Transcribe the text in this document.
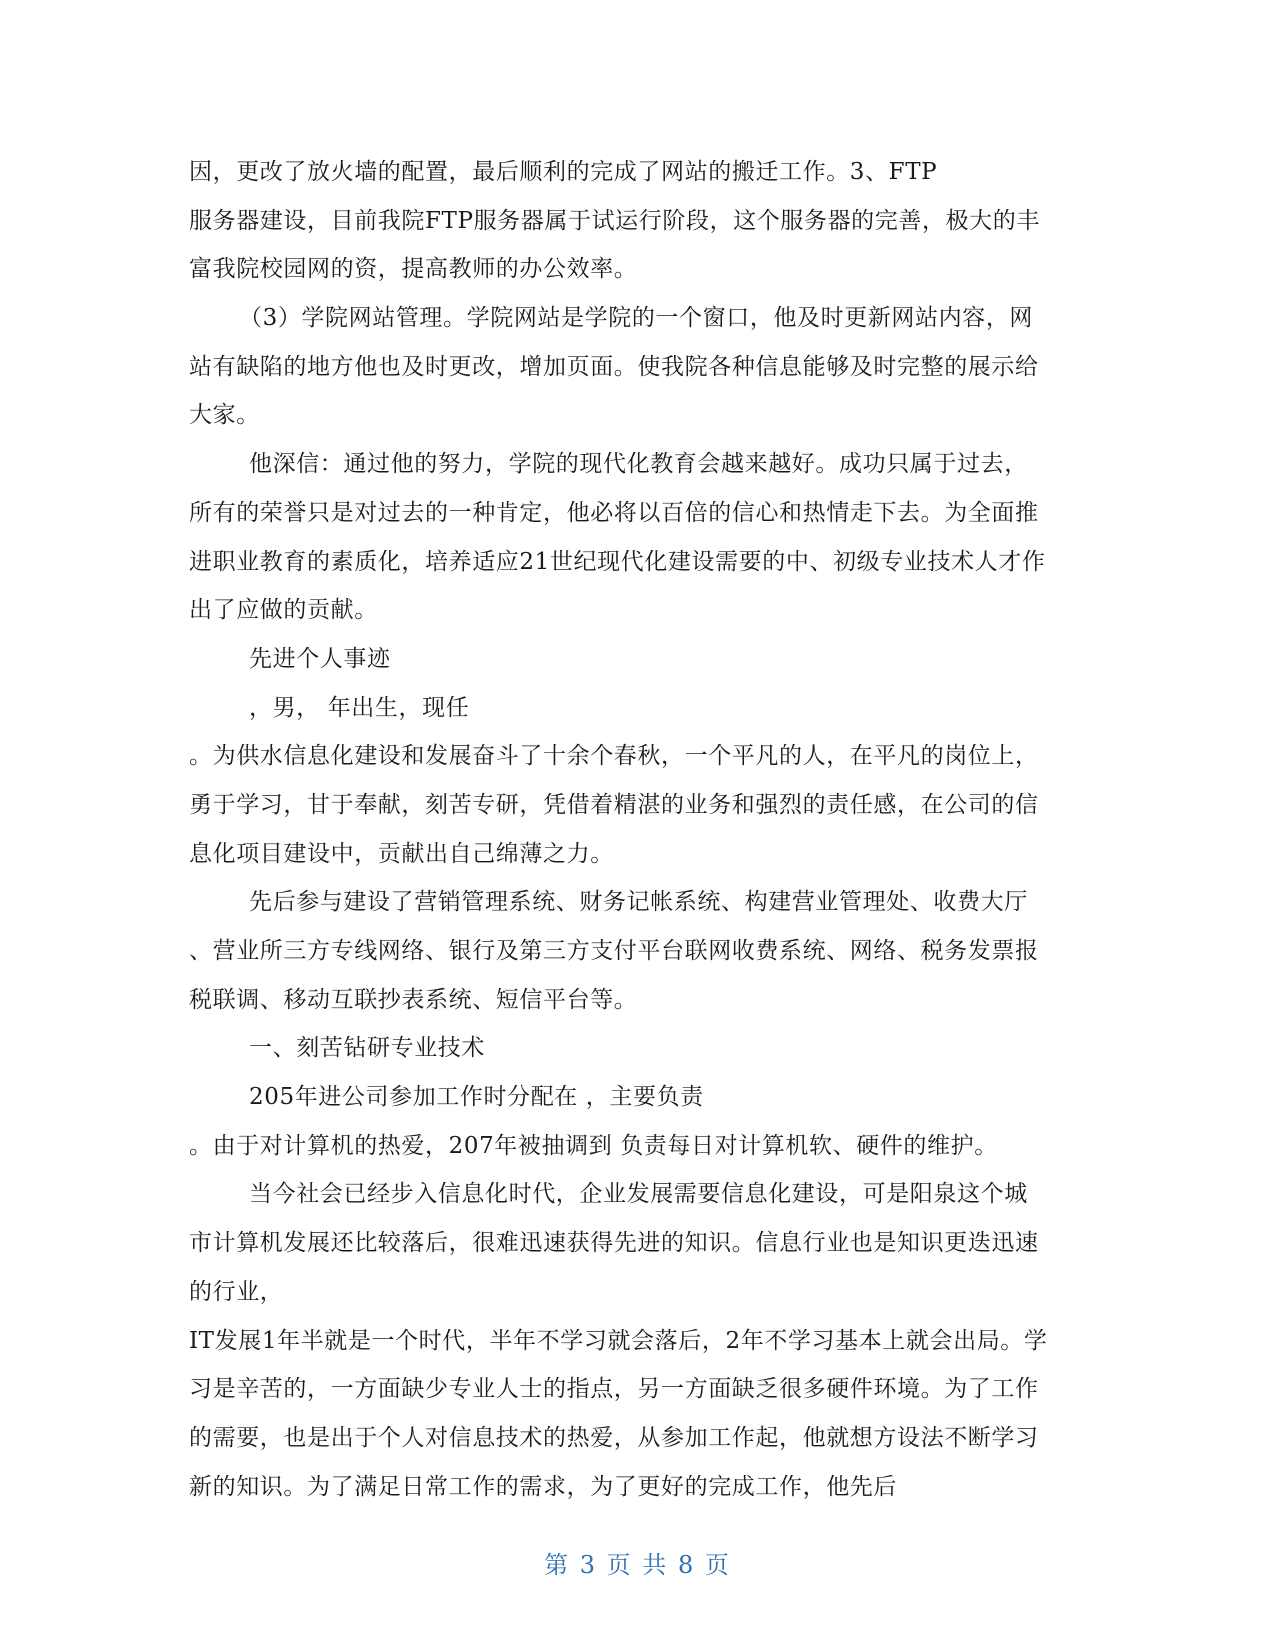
因，更改了放火墙的配置，最后顺利的完成了网站的搬迁工作。3、FTP
服务器建设，目前我院FTP服务器属于试运行阶段，这个服务器的完善，极大的丰
富我院校园网的资，提高教师的办公效率。
（3）学院网站管理。学院网站是学院的一个窗口，他及时更新网站内容，网
站有缺陷的地方他也及时更改，增加页面。使我院各种信息能够及时完整的展示给
大家。
他深信：通过他的努力，学院的现代化教育会越来越好。成功只属于过去，
所有的荣誉只是对过去的一种肯定，他必将以百倍的信心和热情走下去。为全面推
进职业教育的素质化，培养适应21世纪现代化建设需要的中、初级专业技术人才作
出了应做的贡献。
先进个人事迹
，男， 年出生，现任
。为供水信息化建设和发展奋斗了十余个春秋，一个平凡的人，在平凡的岗位上，
勇于学习，甘于奉献，刻苦专研，凭借着精湛的业务和强烈的责任感，在公司的信
息化项目建设中，贡献出自己绵薄之力。
先后参与建设了营销管理系统、财务记帐系统、构建营业管理处、收费大厅
、营业所三方专线网络、银行及第三方支付平台联网收费系统、网络、税务发票报
税联调、移动互联抄表系统、短信平台等。
一、刻苦钻研专业技术
205年进公司参加工作时分配在 ，主要负责
。由于对计算机的热爱，207年被抽调到 负责每日对计算机软、硬件的维护。
当今社会已经步入信息化时代，企业发展需要信息化建设，可是阳泉这个城
市计算机发展还比较落后，很难迅速获得先进的知识。信息行业也是知识更迭迅速
的行业，
IT发展1年半就是一个时代，半年不学习就会落后，2年不学习基本上就会出局。学
习是辛苦的，一方面缺少专业人士的指点，另一方面缺乏很多硬件环境。为了工作
的需要，也是出于个人对信息技术的热爱，从参加工作起，他就想方设法不断学习
新的知识。为了满足日常工作的需求，为了更好的完成工作，他先后
第 3 页 共 8 页
